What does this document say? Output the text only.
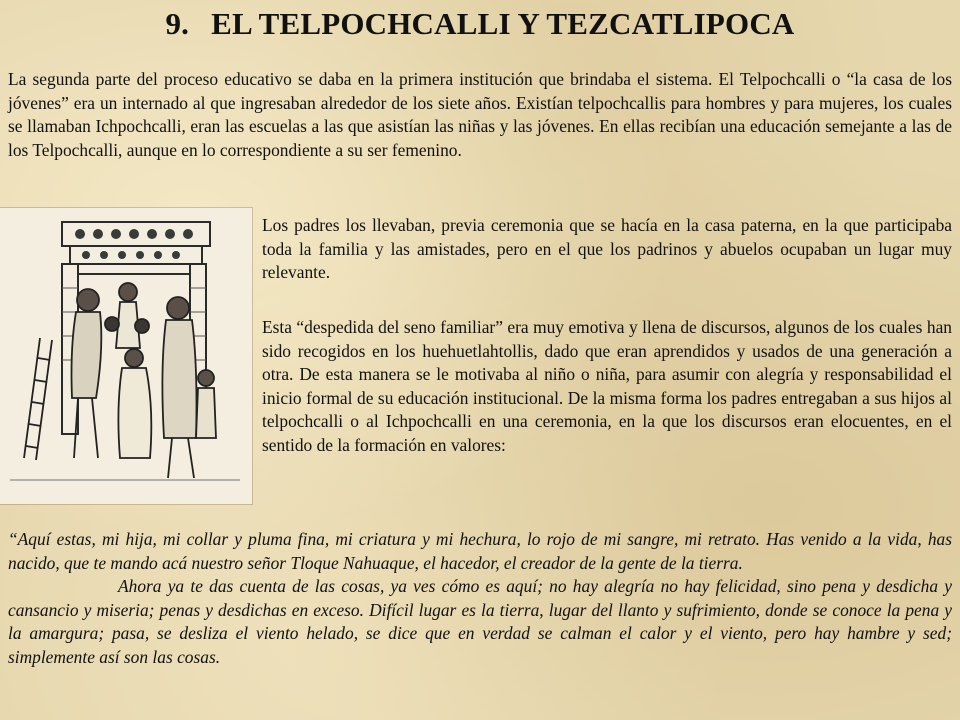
9. EL TELPOCHCALLI Y TEZCATLIPOCA

La segunda parte del proceso educativo se daba en la primera institución que brindaba el sistema. El Telpochcalli o “la casa de los jóvenes” era un internado al que ingresaban alrededor de los siete años. Existían telpochcallis para hombres y para mujeres, los cuales se llamaban Ichpochcalli, eran las escuelas a las que asistían las niñas y las jóvenes. En ellas recibían una educación semejante a las de los Telpochcalli, aunque en lo correspondiente a su ser femenino.

Los padres los llevaban, previa ceremonia que se hacía en la casa paterna, en la que participaba toda la familia y las amistades, pero en el que los padrinos y abuelos ocupaban un lugar muy relevante.

Esta “despedida del seno familiar” era muy emotiva y llena de discursos, algunos de los cuales han sido recogidos en los huehuetlahtollis, dado que eran aprendidos y usados de una generación a otra. De esta manera se le motivaba al niño o niña, para asumir con alegría y responsabilidad el inicio formal de su educación institucional. De la misma forma los padres entregaban a sus hijos al telpochcalli o al Ichpochcalli en una ceremonia, en la que los discursos eran elocuentes, en el sentido de la formación en valores:

“Aquí estas, mi hija, mi collar y pluma fina, mi criatura y mi hechura, lo rojo de mi sangre, mi retrato. Has venido a la vida, has nacido, que te mando acá nuestro señor Tloque Nahuaque, el hacedor, el creador de la gente de la tierra.

Ahora ya te das cuenta de las cosas, ya ves cómo es aquí; no hay alegría no hay felicidad, sino pena y desdicha y cansancio y miseria; penas y desdichas en exceso. Difícil lugar es la tierra, lugar del llanto y sufrimiento, donde se conoce la pena y la amargura; pasa, se desliza el viento helado, se dice que en verdad se calman el calor y el viento, pero hay hambre y sed; simplemente así son las cosas.
